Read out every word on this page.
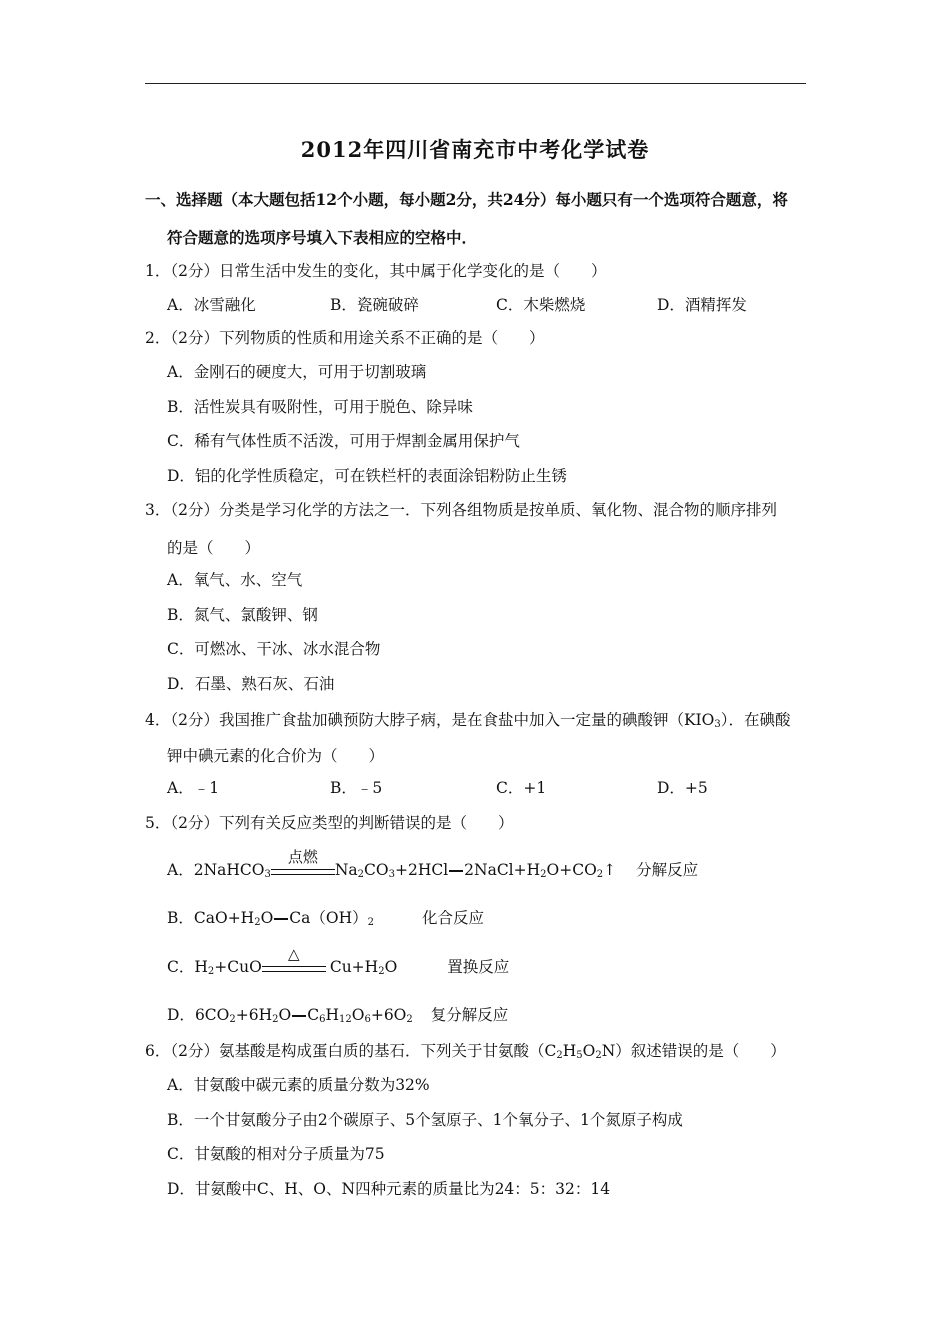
2012年四川省南充市中考化学试卷
一、选择题（本大题包括12个小题，每小题2分，共24分）每小题只有一个选项符合题意，将
符合题意的选项序号填入下表相应的空格中．
1．（2分）日常生活中发生的变化，其中属于化学变化的是（　　）
A．冰雪融化	B．瓷碗破碎	C．木柴燃烧	D．酒精挥发
2．（2分）下列物质的性质和用途关系不正确的是（　　）
A．金刚石的硬度大，可用于切割玻璃
B．活性炭具有吸附性，可用于脱色、除异味
C．稀有气体性质不活泼，可用于焊割金属用保护气
D．铝的化学性质稳定，可在铁栏杆的表面涂铝粉防止生锈
3．（2分）分类是学习化学的方法之一．下列各组物质是按单质、氧化物、混合物的顺序排列
的是（　　）
A．氧气、水、空气
B．氮气、氯酸钾、钢
C．可燃冰、干冰、冰水混合物
D．石墨、熟石灰、石油
4．（2分）我国推广食盐加碘预防大脖子病，是在食盐中加入一定量的碘酸钾$(KIO_3)$．在碘酸
钾中碘元素的化合价为（　　）
A．﹣1	B．﹣5	C．+1	D．+5
5．（2分）下列有关反应类型的判断错误的是（　　）
A．2NaHCO$_3$
点燃
$Na_2CO_3+2HCl$ $2NaCl+H_2O+CO_2↑$ 分解反应
B．$CaO+H_2O$ $Ca(OH)_2$	化合反应
C．$H_2+CuO$
△
$Cu+H_2O$	置换反应
D．$6CO_2+6H_2O$ $C_6H_{12}O_6+6O_2$ 复分解反应
6．（2分）氨基酸是构成蛋白质的基石．下列关于甘氨酸$(C_2H_5O_2N)$叙述错误的是（　　）
A．甘氨酸中碳元素的质量分数为32%
B．一个甘氨酸分子由2个碳原子、5个氢原子、1个氧分子、1个氮原子构成
C．甘氨酸的相对分子质量为75
D．甘氨酸中C、H、O、N四种元素的质量比为24：5：32：14
